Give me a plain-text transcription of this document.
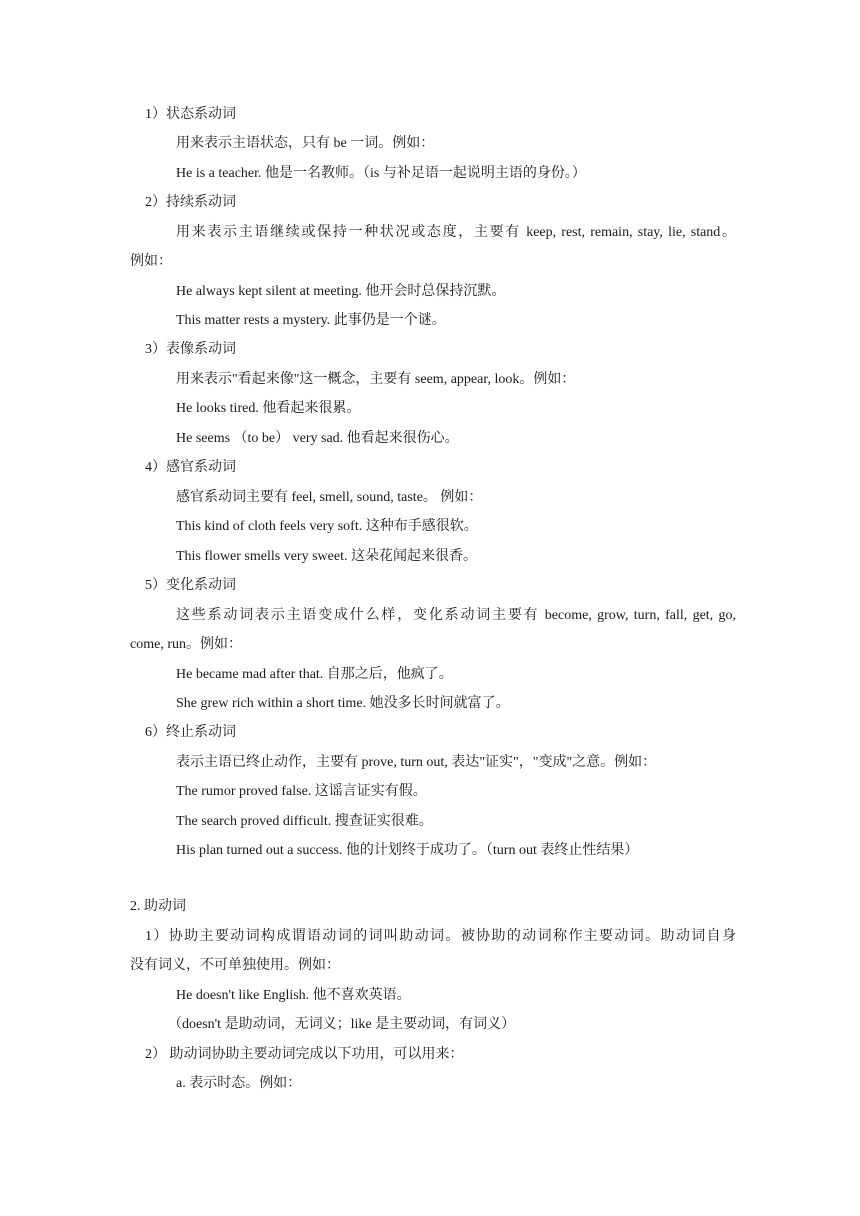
1）状态系动词
用来表示主语状态，只有 be 一词。例如：
He is a teacher. 他是一名教师。（is 与补足语一起说明主语的身份。）
2）持续系动词
用来表示主语继续或保持一种状况或态度，主要有 keep, rest, remain, stay, lie, stand。
例如：
He always kept silent at meeting. 他开会时总保持沉默。
This matter rests a mystery. 此事仍是一个谜。
3）表像系动词
用来表示"看起来像"这一概念，主要有 seem, appear, look。例如：
He looks tired. 他看起来很累。
He seems （to be） very sad. 他看起来很伤心。
4）感官系动词
感官系动词主要有 feel, smell, sound, taste。 例如：
This kind of cloth feels very soft. 这种布手感很软。
This flower smells very sweet. 这朵花闻起来很香。
5）变化系动词
这些系动词表示主语变成什么样，变化系动词主要有 become, grow, turn, fall, get, go,
come, run。例如：
He became mad after that. 自那之后，他疯了。
She grew rich within a short time. 她没多长时间就富了。
6）终止系动词
表示主语已终止动作，主要有 prove, turn out, 表达"证实"，"变成"之意。例如：
The rumor proved false. 这谣言证实有假。
The search proved difficult. 搜查证实很难。
His plan turned out a success. 他的计划终于成功了。（turn out 表终止性结果）
2. 助动词
1）协助主要动词构成谓语动词的词叫助动词。被协助的动词称作主要动词。助动词自身
没有词义，不可单独使用。例如：
He doesn't like English. 他不喜欢英语。
（doesn't 是助动词，无词义；like 是主要动词，有词义）
2） 助动词协助主要动词完成以下功用，可以用来：
a. 表示时态。例如：
